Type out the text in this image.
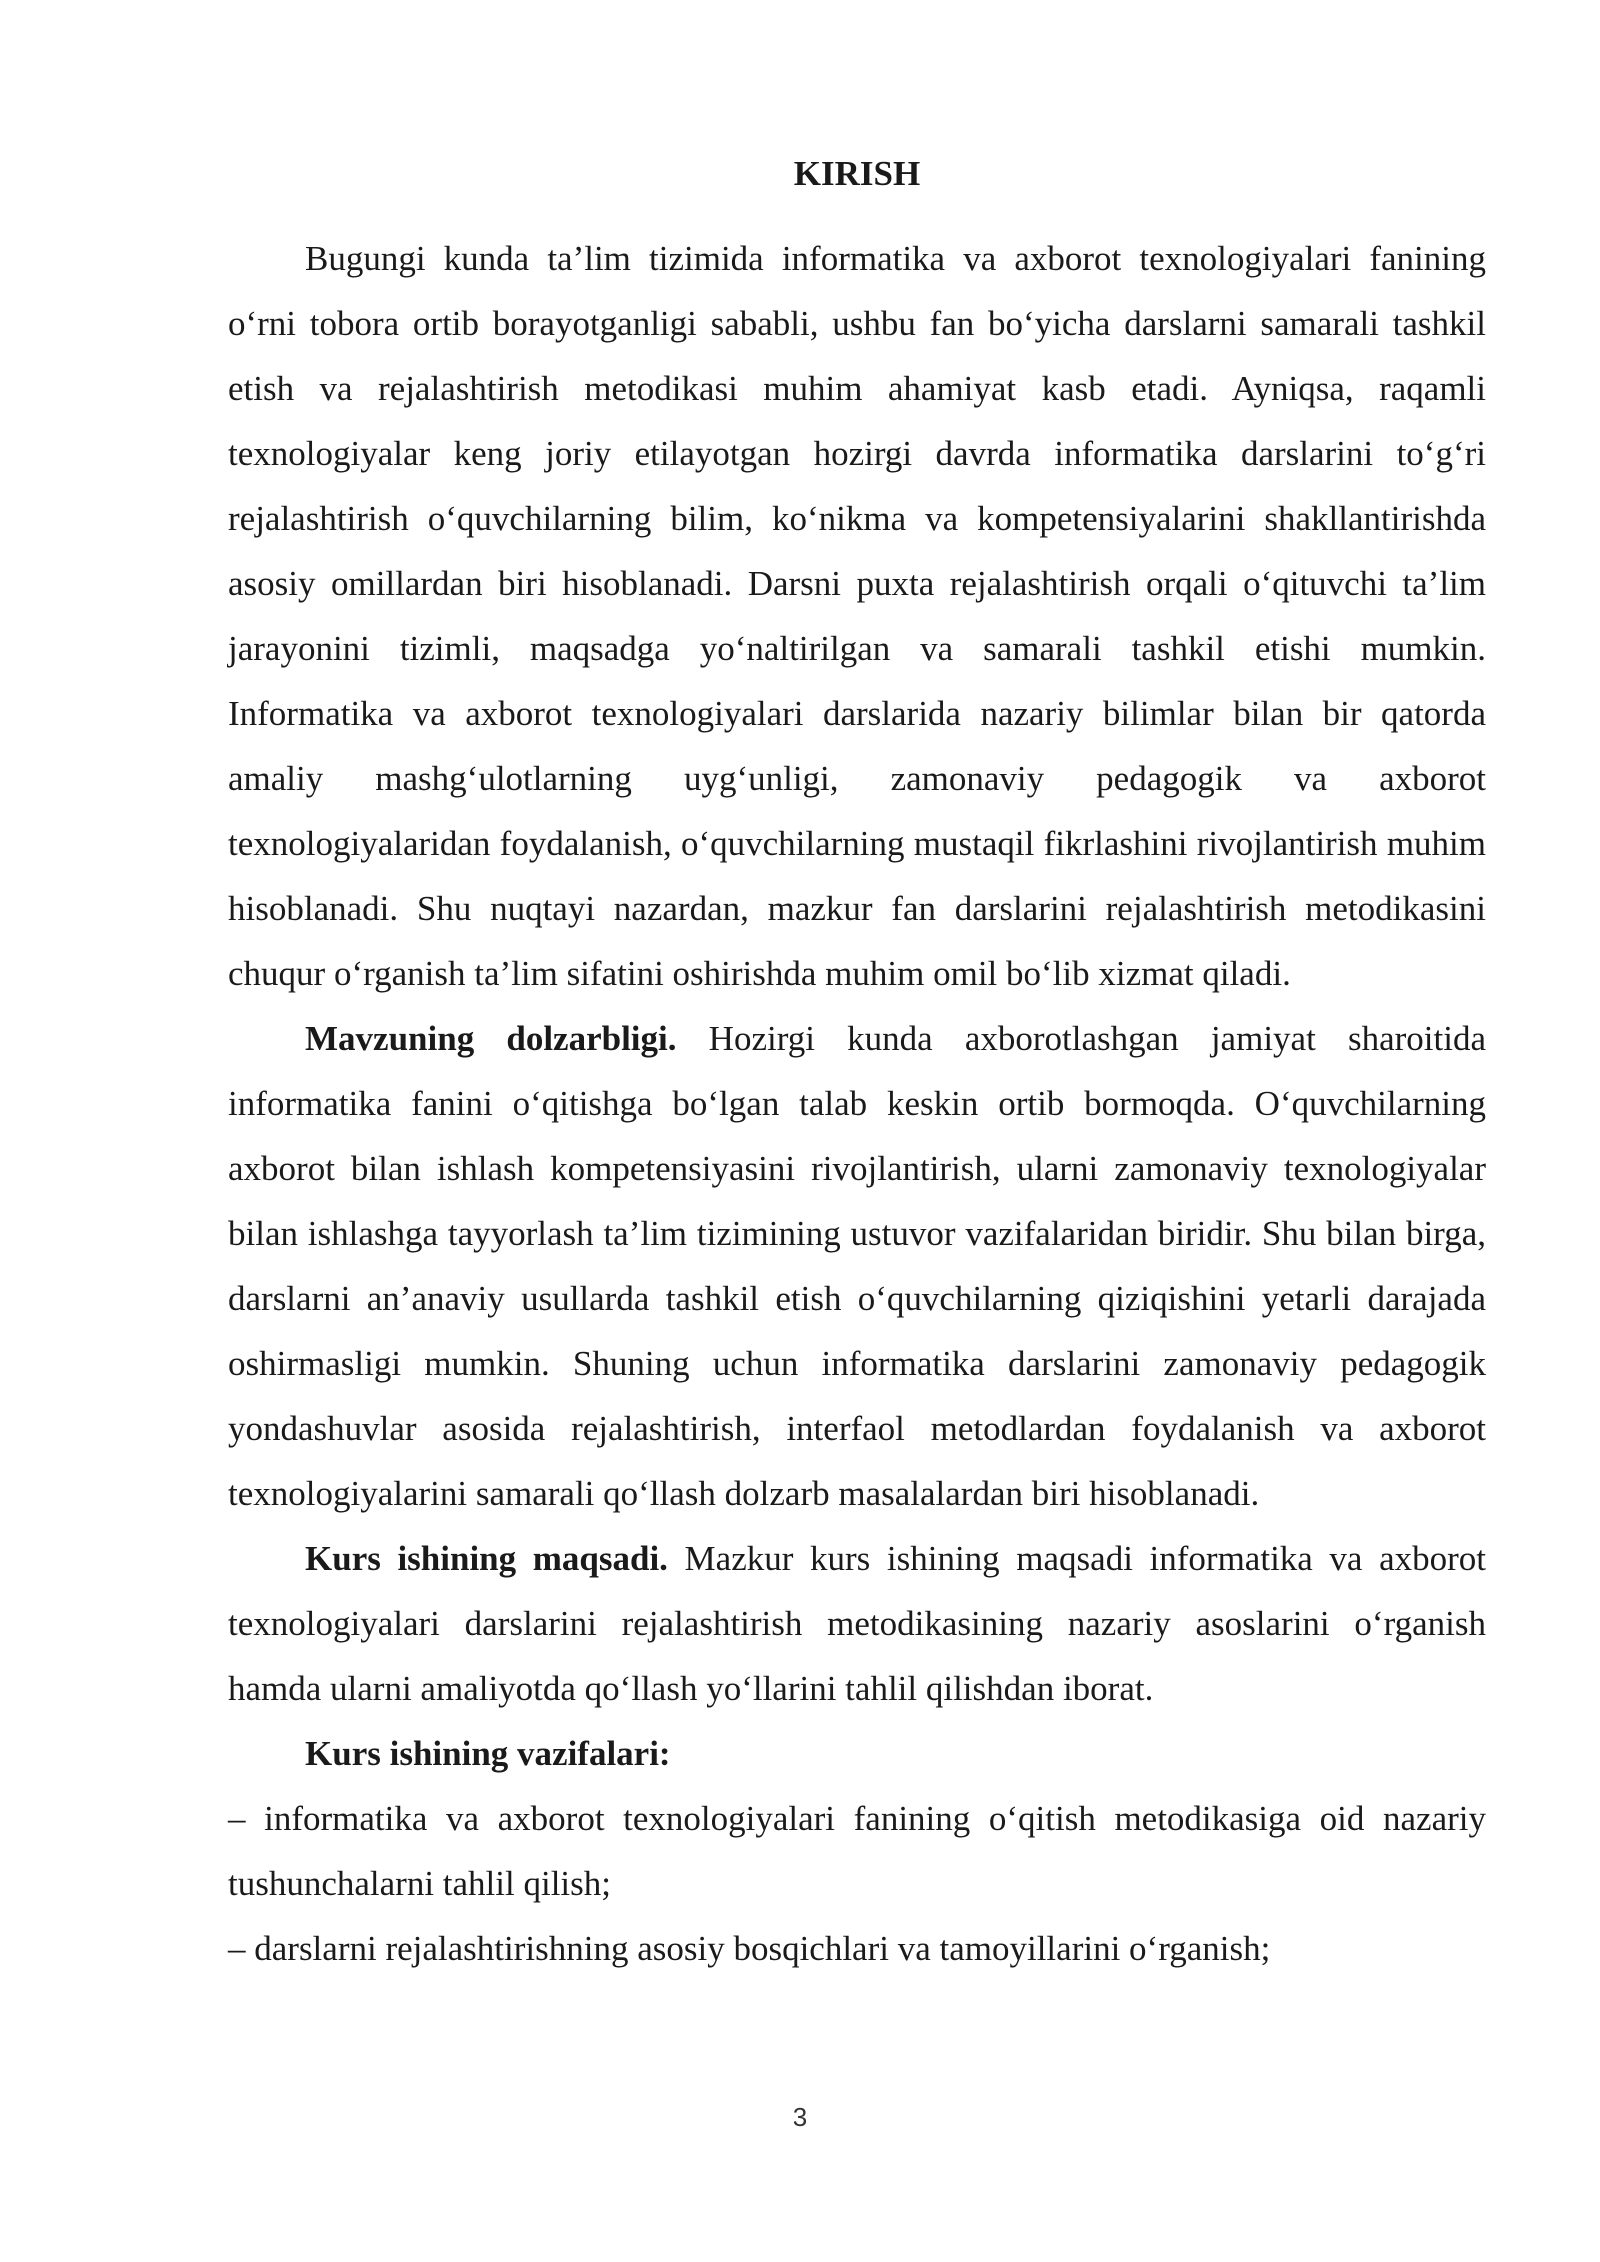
KIRISH

Bugungi kunda ta’lim tizimida informatika va axborot texnologiyalari fanining o‘rni tobora ortib borayotganligi sababli, ushbu fan bo‘yicha darslarni samarali tashkil etish va rejalashtirish metodikasi muhim ahamiyat kasb etadi. Ayniqsa, raqamli texnologiyalar keng joriy etilayotgan hozirgi davrda informatika darslarini to‘g‘ri rejalashtirish o‘quvchilarning bilim, ko‘nikma va kompetensiyalarini shakllantirishda asosiy omillardan biri hisoblanadi. Darsni puxta rejalashtirish orqali o‘qituvchi ta’lim jarayonini tizimli, maqsadga yo‘naltirilgan va samarali tashkil etishi mumkin. Informatika va axborot texnologiyalari darslarida nazariy bilimlar bilan bir qatorda amaliy mashg‘ulotlarning uyg‘unligi, zamonaviy pedagogik va axborot texnologiyalaridan foydalanish, o‘quvchilarning mustaqil fikrlashini rivojlantirish muhim hisoblanadi. Shu nuqtayi nazardan, mazkur fan darslarini rejalashtirish metodikasini chuqur o‘rganish ta’lim sifatini oshirishda muhim omil bo‘lib xizmat qiladi.

Mavzuning dolzarbligi. Hozirgi kunda axborotlashgan jamiyat sharoitida informatika fanini o‘qitishga bo‘lgan talab keskin ortib bormoqda. O‘quvchilarning axborot bilan ishlash kompetensiyasini rivojlantirish, ularni zamonaviy texnologiyalar bilan ishlashga tayyorlash ta’lim tizimining ustuvor vazifalaridan biridir. Shu bilan birga, darslarni an’anaviy usullarda tashkil etish o‘quvchilarning qiziqishini yetarli darajada oshirmasligi mumkin. Shuning uchun informatika darslarini zamonaviy pedagogik yondashuvlar asosida rejalashtirish, interfaol metodlardan foydalanish va axborot texnologiyalarini samarali qo‘llash dolzarb masalalardan biri hisoblanadi.

Kurs ishining maqsadi. Mazkur kurs ishining maqsadi informatika va axborot texnologiyalari darslarini rejalashtirish metodikasining nazariy asoslarini o‘rganish hamda ularni amaliyotda qo‘llash yo‘llarini tahlil qilishdan iborat.

Kurs ishining vazifalari:

– informatika va axborot texnologiyalari fanining o‘qitish metodikasiga oid nazariy tushunchalarni tahlil qilish;

– darslarni rejalashtirishning asosiy bosqichlari va tamoyillarini o‘rganish;

3
